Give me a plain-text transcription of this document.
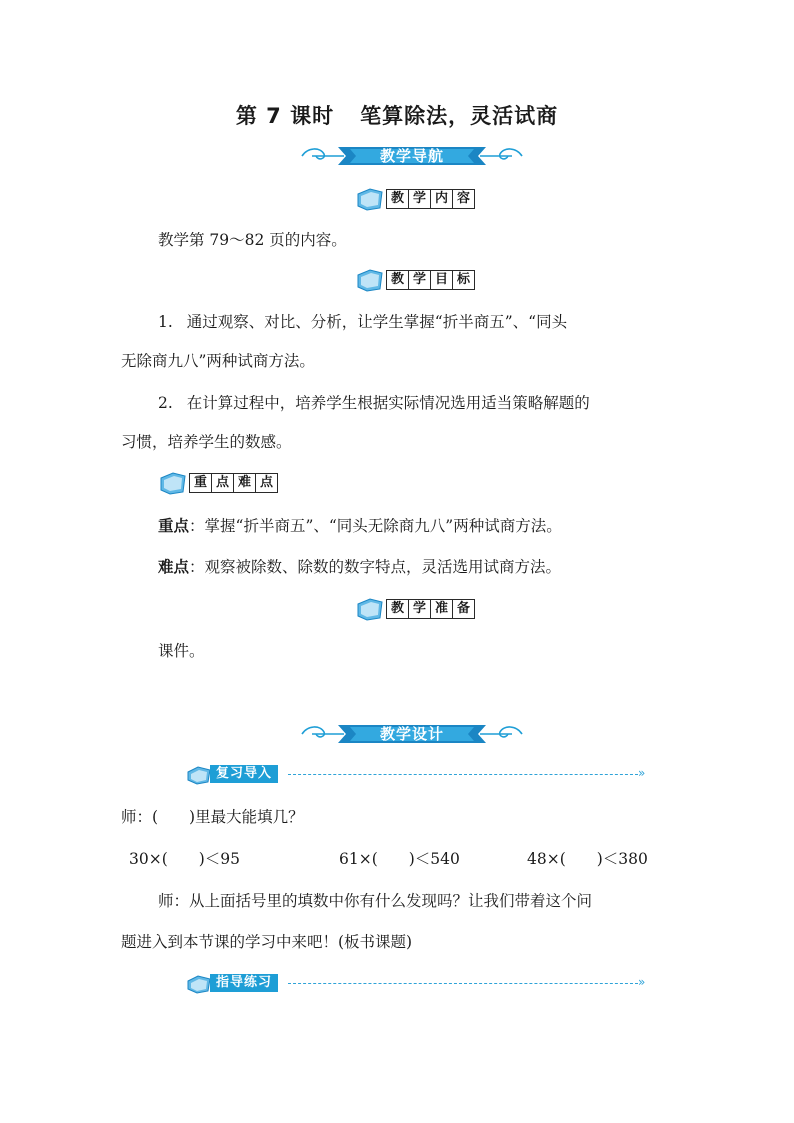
第 7 课时 笔算除法，灵活试商
教学导航
教 学 内 容
教学第 79～82 页的内容。
教 学 目 标
1. 通过观察、对比、分析，让学生掌握“折半商五”、“同头
无除商九八”两种试商方法。
2. 在计算过程中，培养学生根据实际情况选用适当策略解题的
习惯，培养学生的数感。
重 点 难 点
重点：掌握“折半商五”、“同头无除商九八”两种试商方法。
难点：观察被除数、除数的数字特点，灵活选用试商方法。
教 学 准 备
课件。
教学设计
复习导入	»
师：(　　)里最大能填几？
30×(　　)＜95	61×(　　)＜540	48×(　　)＜380
师：从上面括号里的填数中你有什么发现吗？让我们带着这个问
题进入到本节课的学习中来吧！(板书课题)
指导练习	»
